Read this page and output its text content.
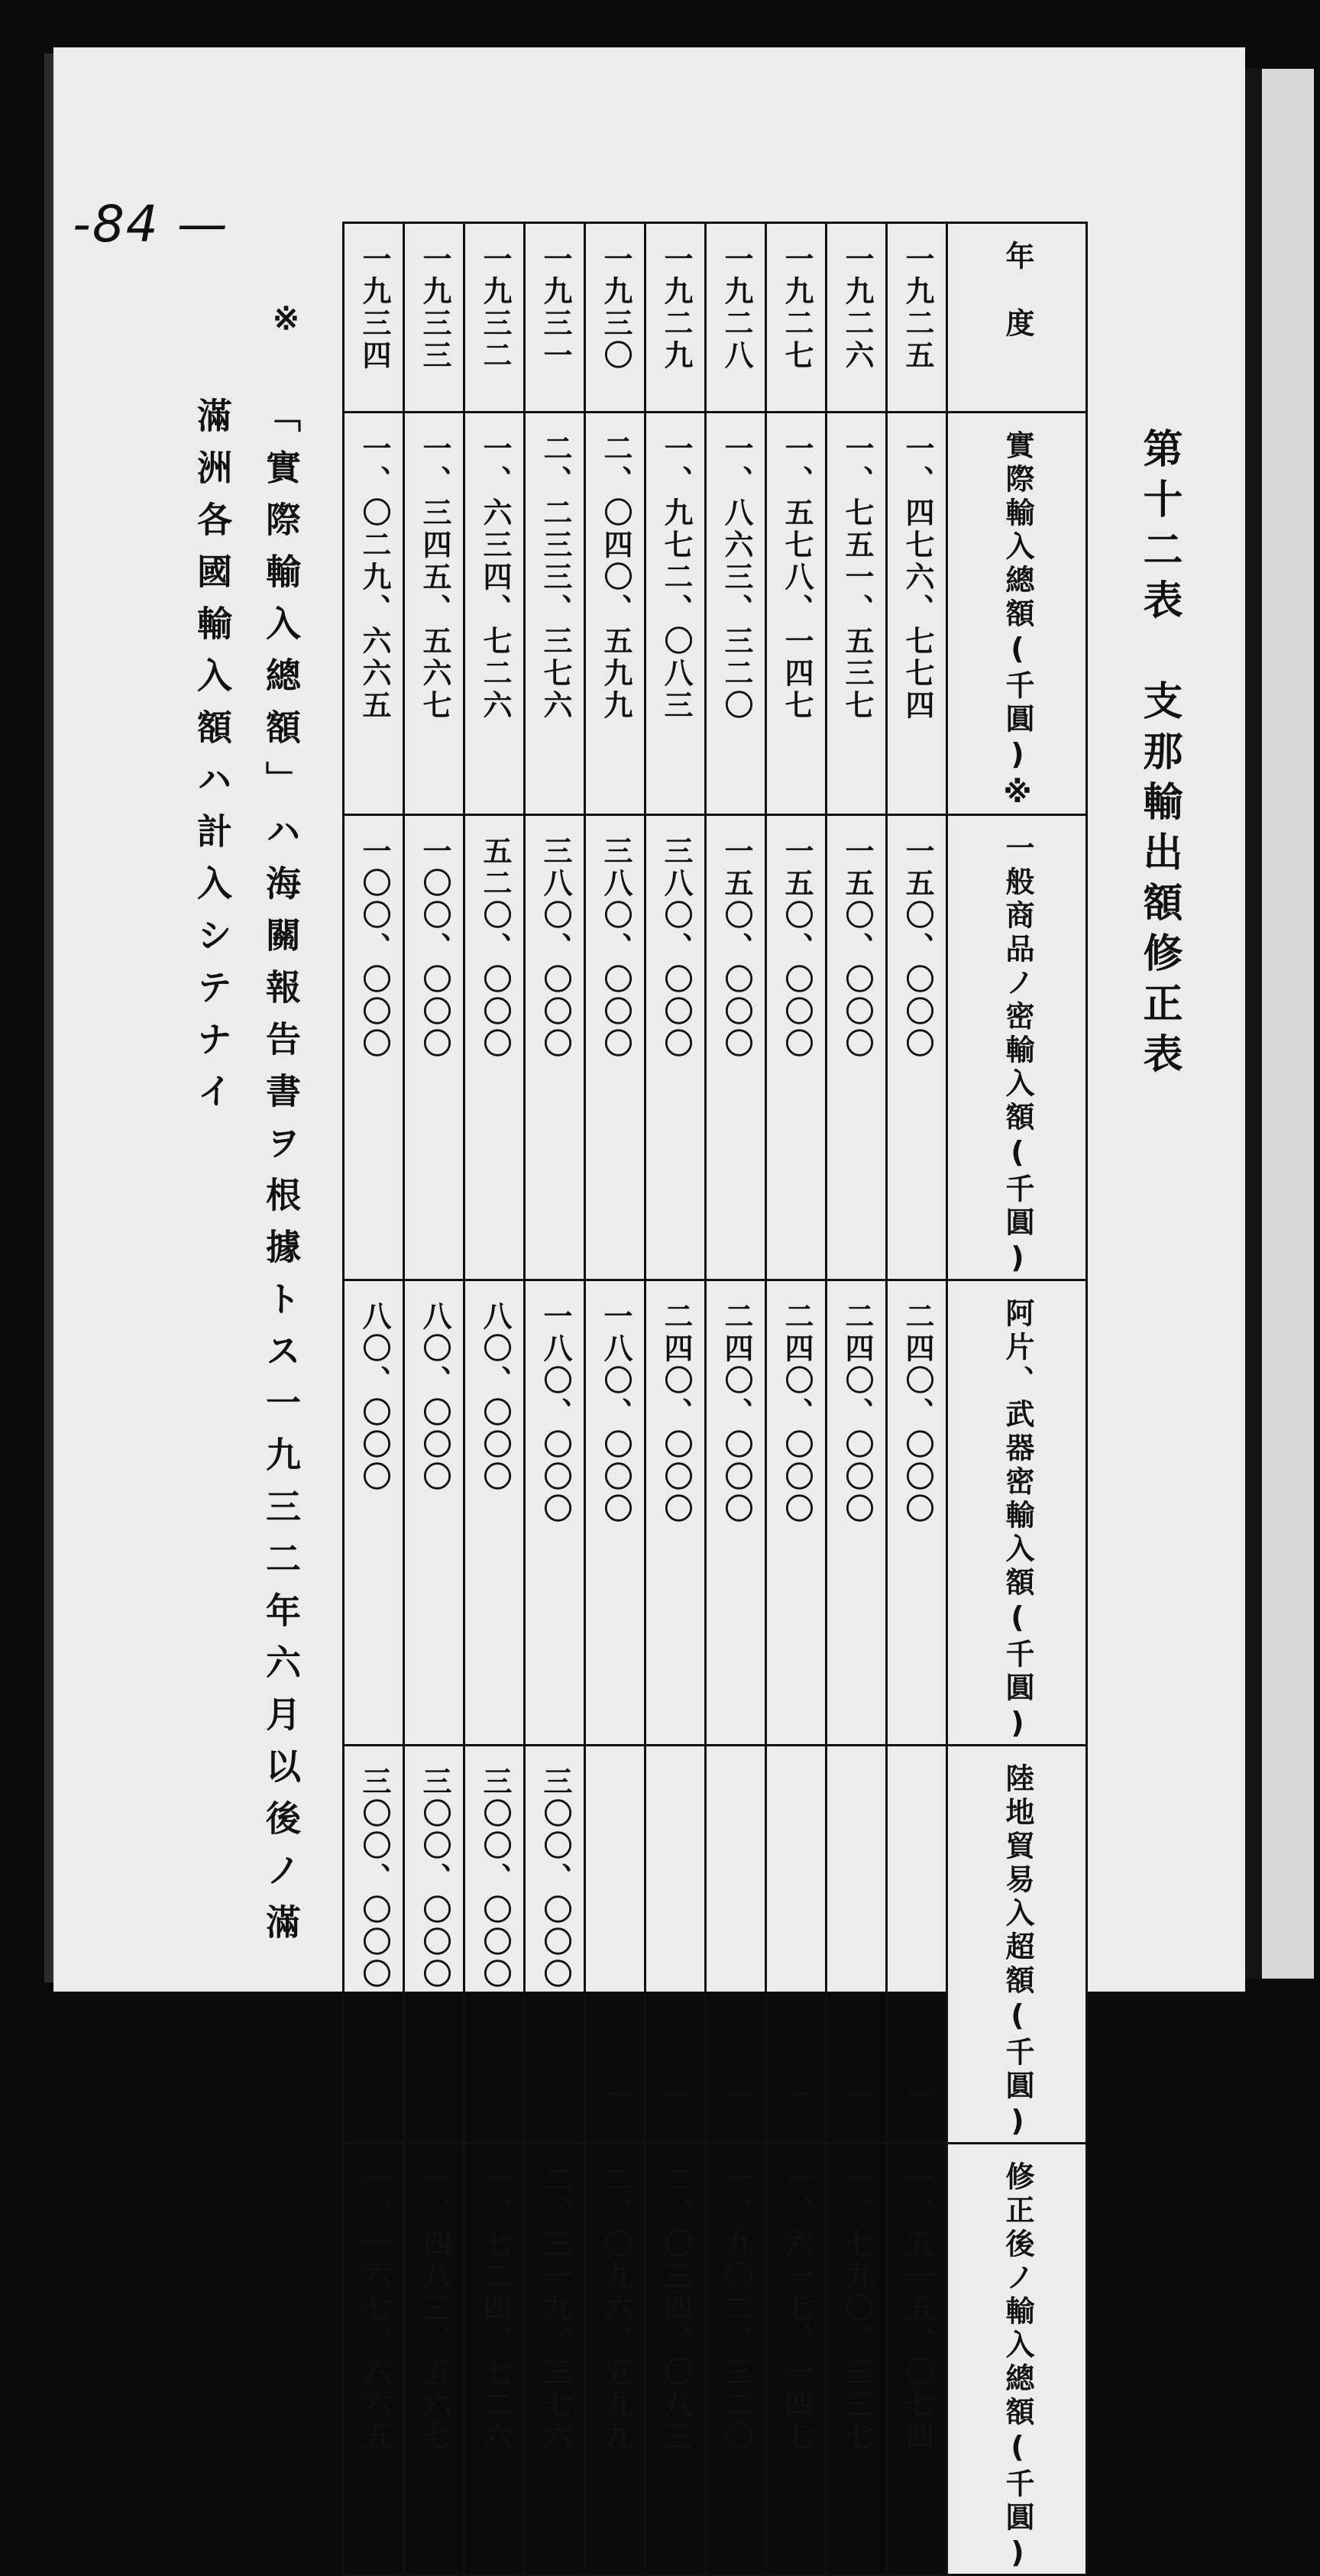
-84 —
第十二表　支那輸出額修正表
年　度	一九二五	一九二六	一九二七	一九二八	一九二九	一九三〇	一九三一	一九三二	一九三三	一九三四

※實際輸入總額(千圓)	一、四七六、七七四	一、七五一、五三七	一、五七八、一四七	一、八六三、三二〇	一、九七二、〇八三	二、〇四〇、五九九	二、二三三、三七六	一、六三四、七二六	一、三四五、五六七	一、〇二九、六六五

一般商品ノ密輸入額(千圓)	一五〇、〇〇〇	一五〇、〇〇〇	一五〇、〇〇〇	一五〇、〇〇〇	三八〇、〇〇〇	三八〇、〇〇〇	三八〇、〇〇〇	五二〇、〇〇〇	一〇〇、〇〇〇	一〇〇、〇〇〇

阿片、武器密輸入額(千圓)	二四〇、〇〇〇	二四〇、〇〇〇	二四〇、〇〇〇	二四〇、〇〇〇	二四〇、〇〇〇	一八〇、〇〇〇	一八〇、〇〇〇	八〇、〇〇〇	八〇、〇〇〇	八〇、〇〇〇

陸地貿易入超額(千圓)	－	－	－	－	－	－	三〇〇、〇〇〇	三〇〇、〇〇〇	三〇〇、〇〇〇	三〇〇、〇〇〇

修正後ノ輸入總額(千圓)	一、五一五、〇七四	一、七九〇、三三七	一、六一七、一四七	一、九〇二、三二〇	二、〇三四、〇八三	二、〇九六、五九九	二、三一九、三七六	一、七二四、七二六	一、四八三、五六七	一、一六七、六六五
※
「實際輸入總額」ハ海關報告書ヲ根據トス一九三二年六月以後ノ滿
滿洲各國輸入額ハ計入シテナイ
